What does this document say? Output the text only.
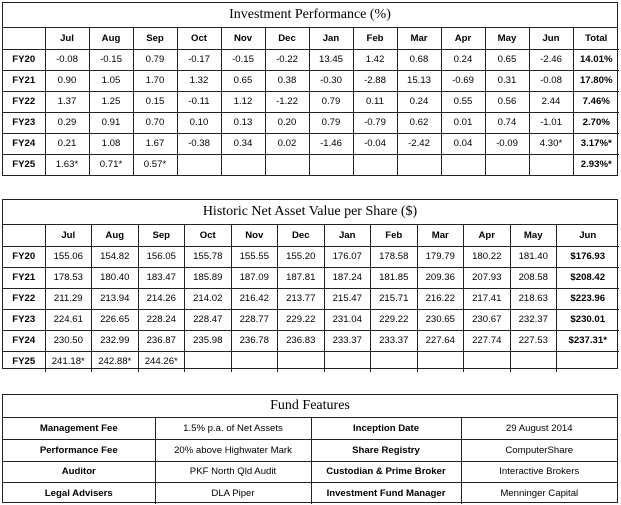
Investment Performance (%)
	Jul	Aug	Sep	Oct	Nov	Dec	Jan	Feb	Mar	Apr	May	Jun	Total
FY20	-0.08	-0.15	0.79	-0.17	-0.15	-0.22	13.45	1.42	0.68	0.24	0.65	-2.46	14.01%
FY21	0.90	1.05	1.70	1.32	0.65	0.38	-0.30	-2.88	15.13	-0.69	0.31	-0.08	17.80%
FY22	1.37	1.25	0.15	-0.11	1.12	-1.22	0.79	0.11	0.24	0.55	0.56	2.44	7.46%
FY23	0.29	0.91	0.70	0.10	0.13	0.20	0.79	-0.79	0.62	0.01	0.74	-1.01	2.70%
FY24	0.21	1.08	1.67	-0.38	0.34	0.02	-1.46	-0.04	-2.42	0.04	-0.09	4.30*	3.17%*
FY25	1.63*	0.71*	0.57*										2.93%*
Historic Net Asset Value per Share ($)
	Jul	Aug	Sep	Oct	Nov	Dec	Jan	Feb	Mar	Apr	May	Jun
FY20	155.06	154.82	156.05	155.78	155.55	155.20	176.07	178.58	179.79	180.22	181.40	$176.93
FY21	178.53	180.40	183.47	185.89	187.09	187.81	187.24	181.85	209.36	207.93	208.58	$208.42
FY22	211.29	213.94	214.26	214.02	216.42	213.77	215.47	215.71	216.22	217.41	218.63	$223.96
FY23	224.61	226.65	228.24	228.47	228.77	229.22	231.04	229.22	230.65	230.67	232.37	$230.01
FY24	230.50	232.99	236.87	235.98	236.78	236.83	233.37	233.37	227.64	227.74	227.53	$237.31*
FY25	241.18*	242.88*	244.26*									
Fund Features
Management Fee	1.5% p.a. of Net Assets	Inception Date	29 August 2014
Performance Fee	20% above Highwater Mark	Share Registry	ComputerShare
Auditor	PKF North Qld Audit	Custodian & Prime Broker	Interactive Brokers
Legal Advisers	DLA Piper	Investment Fund Manager	Menninger Capital
